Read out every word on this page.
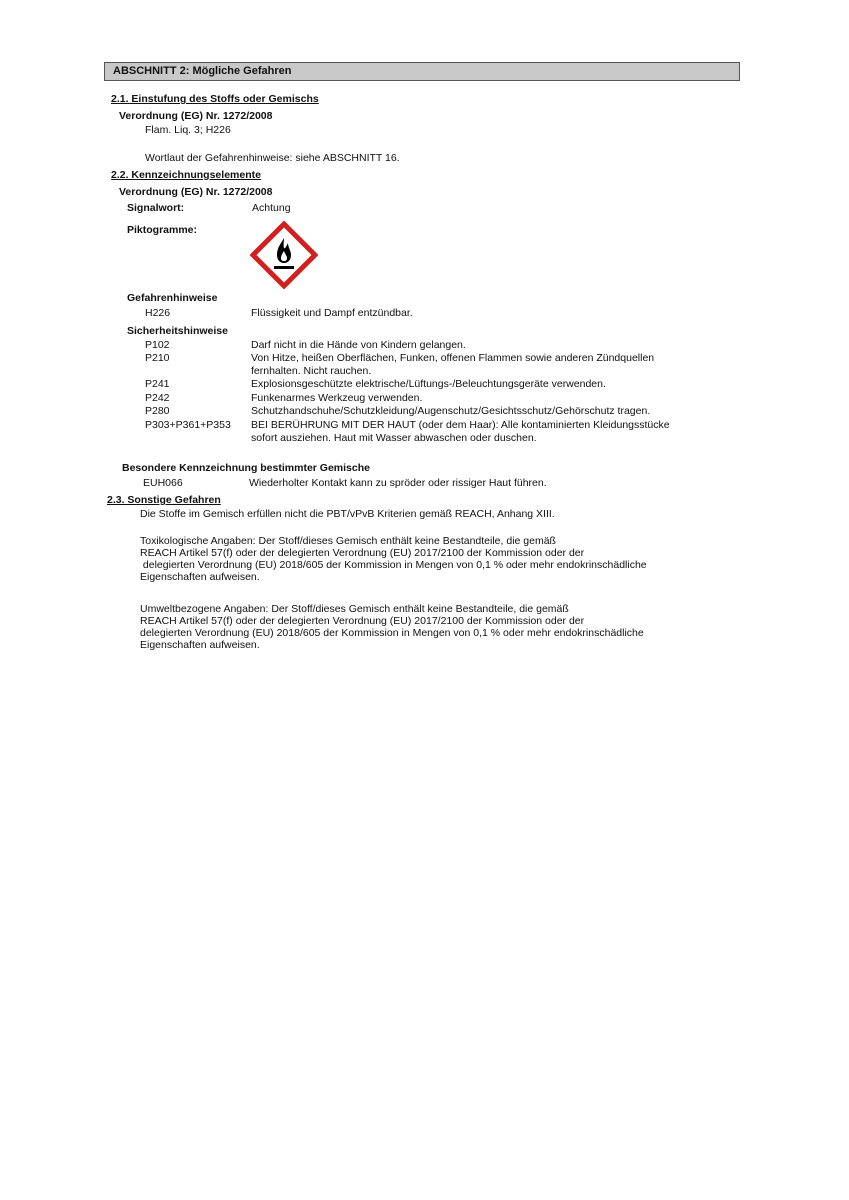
ABSCHNITT 2: Mögliche Gefahren
2.1. Einstufung des Stoffs oder Gemischs
Verordnung (EG) Nr. 1272/2008
Flam. Liq. 3; H226
Wortlaut der Gefahrenhinweise: siehe ABSCHNITT 16.
2.2. Kennzeichnungselemente
Verordnung (EG) Nr. 1272/2008
Signalwort:	Achtung
Piktogramme:
Gefahrenhinweise
H226	Flüssigkeit und Dampf entzündbar.
Sicherheitshinweise
P102	Darf nicht in die Hände von Kindern gelangen.
P210	Von Hitze, heißen Oberflächen, Funken, offenen Flammen sowie anderen Zündquellen
fernhalten. Nicht rauchen.
P241	Explosionsgeschützte elektrische/Lüftungs-/Beleuchtungsgeräte verwenden.
P242	Funkenarmes Werkzeug verwenden.
P280	Schutzhandschuhe/Schutzkleidung/Augenschutz/Gesichtsschutz/Gehörschutz tragen.
P303+P361+P353 BEI BERÜHRUNG MIT DER HAUT (oder dem Haar): Alle kontaminierten Kleidungsstücke
sofort ausziehen. Haut mit Wasser abwaschen oder duschen.
Besondere Kennzeichnung bestimmter Gemische
EUH066	Wiederholter Kontakt kann zu spröder oder rissiger Haut führen.
2.3. Sonstige Gefahren
Die Stoffe im Gemisch erfüllen nicht die PBT/vPvB Kriterien gemäß REACH, Anhang XIII.
Toxikologische Angaben: Der Stoff/dieses Gemisch enthält keine Bestandteile, die gemäß
REACH Artikel 57(f) oder der delegierten Verordnung (EU) 2017/2100 der Kommission oder der
delegierten Verordnung (EU) 2018/605 der Kommission in Mengen von 0,1 % oder mehr endokrinschädliche
Eigenschaften aufweisen.
Umweltbezogene Angaben: Der Stoff/dieses Gemisch enthält keine Bestandteile, die gemäß
REACH Artikel 57(f) oder der delegierten Verordnung (EU) 2017/2100 der Kommission oder der
delegierten Verordnung (EU) 2018/605 der Kommission in Mengen von 0,1 % oder mehr endokrinschädliche
Eigenschaften aufweisen.
